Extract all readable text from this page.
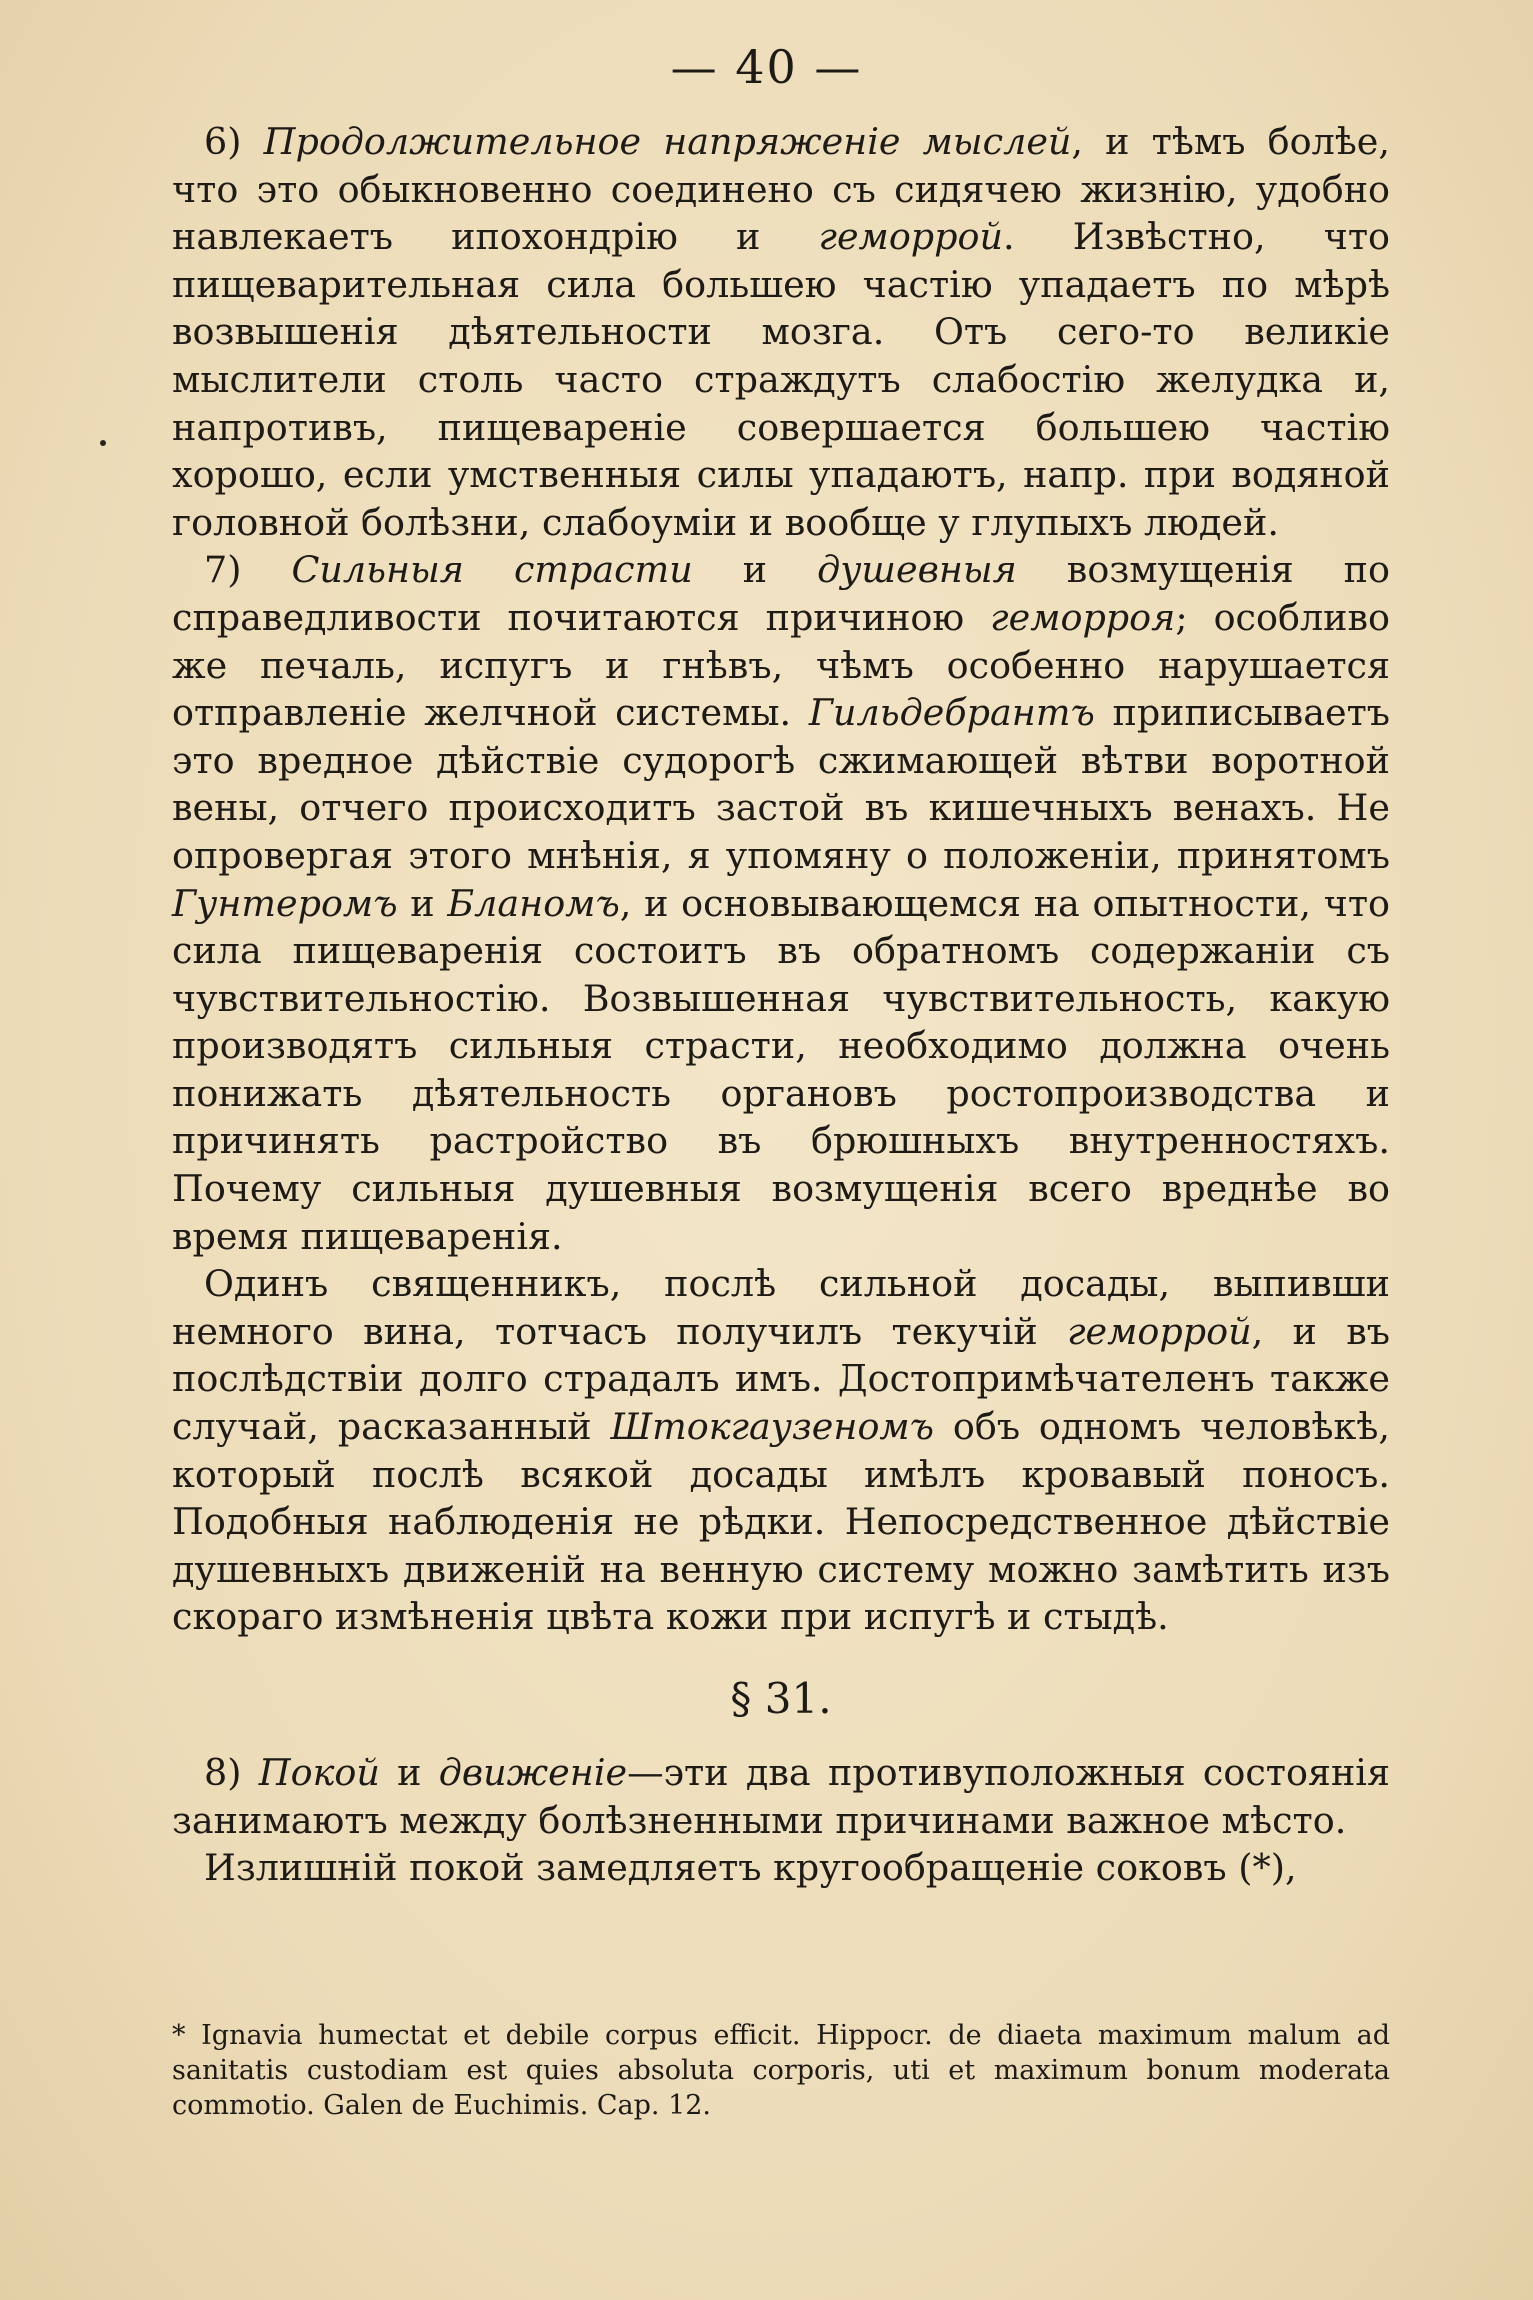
— 40 —

6) Продолжительное напряженіе мыслей, и тѣмъ болѣе, что это обыкновенно соединено съ сидячею жизнію, удобно навлекаетъ ипохондрію и геморрой. Извѣстно, что пищеварительная сила большею частію упадаетъ по мѣрѣ возвышенія дѣятельности мозга. Отъ сего-то великіе мыслители столь часто страждутъ слабостію желудка и, напротивъ, пищевареніе совершается большею частію хорошо, если умственныя силы упадаютъ, напр. при водяной головной болѣзни, слабоуміи и вообще у глупыхъ людей.

7) Сильныя страсти и душевныя возмущенія по справедливости почитаются причиною геморроя; особливо же печаль, испугъ и гнѣвъ, чѣмъ особенно нарушается отправленіе желчной системы. Гильдебрантъ приписываетъ это вредное дѣйствіе судорогѣ сжимающей вѣтви воротной вены, отчего происходитъ застой въ кишечныхъ венахъ. Не опровергая этого мнѣнія, я упомяну о положеніи, принятомъ Гунтеромъ и Бланомъ, и основывающемся на опытности, что сила пищеваренія состоитъ въ обратномъ содержаніи съ чувствительностію. Возвышенная чувствительность, какую производятъ сильныя страсти, необходимо должна очень понижать дѣятельность органовъ ростопроизводства и причинять растройство въ брюшныхъ внутренностяхъ. Почему сильныя душевныя возмущенія всего вреднѣе во время пищеваренія.

Одинъ священникъ, послѣ сильной досады, выпивши немного вина, тотчасъ получилъ текучій геморрой, и въ послѣдствіи долго страдалъ имъ. Достопримѣчателенъ также случай, расказанный Штокгаузеномъ объ одномъ человѣкѣ, который послѣ всякой досады имѣлъ кровавый поносъ. Подобныя наблюденія не рѣдки. Непосредственное дѣйствіе душевныхъ движеній на венную систему можно замѣтить изъ скораго измѣненія цвѣта кожи при испугѣ и стыдѣ.

§ 31.

8) Покой и движеніе—эти два противуположныя состоянія занимаютъ между болѣзненными причинами важное мѣсто.

Излишній покой замедляетъ кругообращеніе соковъ (*),

* Ignavia humectat et debile corpus efficit. Hippocr. de diaeta maximum malum ad sanitatis custodiam est quies absoluta corporis, uti et maximum bonum moderata commotio. Galen de Euchimis. Cap. 12.
